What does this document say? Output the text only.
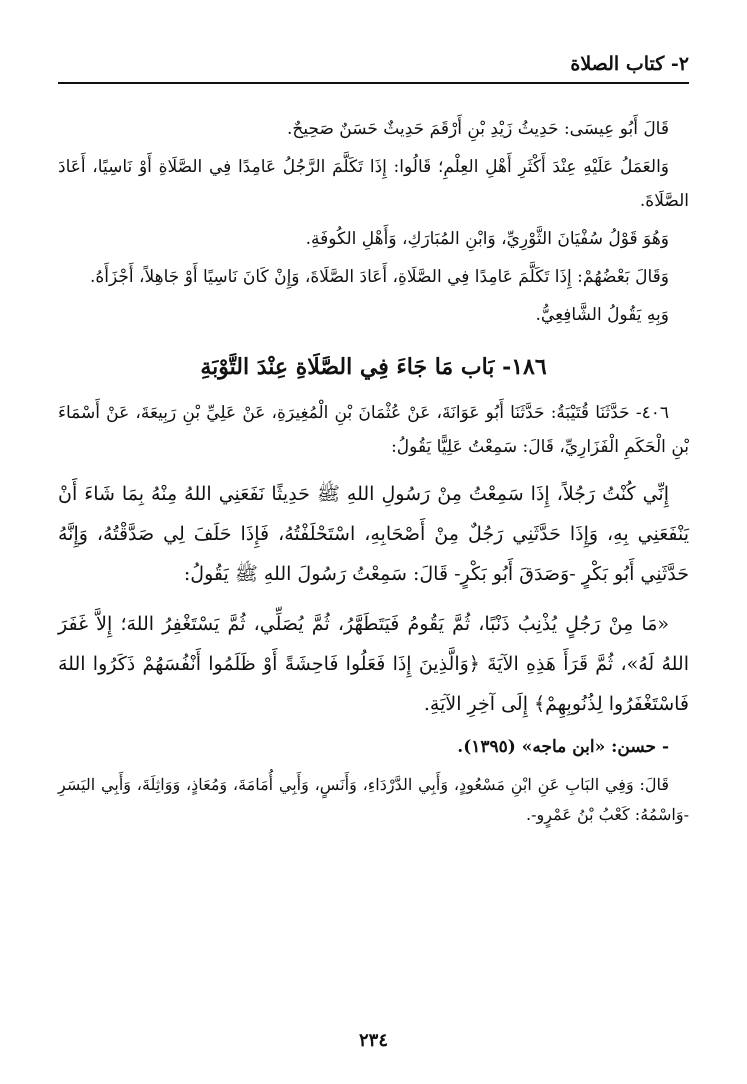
٢- كتاب الصلاة

قَالَ أَبُو عِيسَى: حَدِيثُ زَيْدِ بْنِ أَرْقَمَ حَدِيثٌ حَسَنٌ صَحِيحٌ.

وَالعَمَلُ عَلَيْهِ عِنْدَ أَكْثَرِ أَهْلِ العِلْمِ؛ قَالُوا: إِذَا تَكَلَّمَ الرَّجُلُ عَامِدًا فِي الصَّلَاةِ أَوْ نَاسِيًا، أَعَادَ الصَّلَاةَ.

وَهُوَ قَوْلُ سُفْيَانَ الثَّوْرِيِّ، وَابْنِ المُبَارَكِ، وَأَهْلِ الكُوفَةِ.

وَقَالَ بَعْضُهُمْ: إِذَا تَكَلَّمَ عَامِدًا فِي الصَّلَاةِ، أَعَادَ الصَّلَاةَ، وَإِنْ كَانَ نَاسِيًا أَوْ جَاهِلاً، أَجْزَأَهُ.

وَبِهِ يَقُولُ الشَّافِعِيُّ.

١٨٦- بَاب مَا جَاءَ فِي الصَّلَاةِ عِنْدَ التَّوْبَةِ

٤٠٦- حَدَّثَنَا قُتَيْبَةُ: حَدَّثَنَا أَبُو عَوَانَةَ، عَنْ عُثْمَانَ بْنِ الْمُغِيرَةِ، عَنْ عَلِيِّ بْنِ رَبِيعَةَ، عَنْ أَسْمَاءَ بْنِ الْحَكَمِ الْفَزَارِيِّ، قَالَ: سَمِعْتُ عَلِيًّا يَقُولُ:

إِنِّي كُنْتُ رَجُلاً، إِذَا سَمِعْتُ مِنْ رَسُولِ اللهِ ﷺ حَدِيثًا نَفَعَنِي اللهُ مِنْهُ بِمَا شَاءَ أَنْ يَنْفَعَنِي بِهِ، وَإِذَا حَدَّثَنِي رَجُلٌ مِنْ أَصْحَابِهِ، اسْتَحْلَفْتُهُ، فَإِذَا حَلَفَ لِي صَدَّقْتُهُ، وَإِنَّهُ حَدَّثَنِي أَبُو بَكْرٍ -وَصَدَقَ أَبُو بَكْرٍ- قَالَ: سَمِعْتُ رَسُولَ اللهِ ﷺ يَقُولُ:

«مَا مِنْ رَجُلٍ يُذْنِبُ ذَنْبًا، ثُمَّ يَقُومُ فَيَتَطَهَّرُ، ثُمَّ يُصَلِّي، ثُمَّ يَسْتَغْفِرُ اللهَ؛ إِلاَّ غَفَرَ اللهُ لَهُ»، ثُمَّ قَرَأَ هَذِهِ الآيَةَ ﴿وَالَّذِينَ إِذَا فَعَلُوا فَاحِشَةً أَوْ ظَلَمُوا أَنْفُسَهُمْ ذَكَرُوا اللهَ فَاسْتَغْفَرُوا لِذُنُوبِهِمْ﴾ إِلَى آخِرِ الآيَةِ.

- حسن: «ابن ماجه» (١٣٩٥).

قَالَ: وَفِي البَابِ عَنِ ابْنِ مَسْعُودٍ، وَأَبِي الدَّرْدَاءِ، وَأَنَسٍ، وَأَبِي أُمَامَةَ، وَمُعَاذٍ، وَوَاثِلَةَ، وَأَبِي اليَسَرِ -وَاسْمُهُ: كَعْبُ بْنُ عَمْرٍو-.

٢٣٤
